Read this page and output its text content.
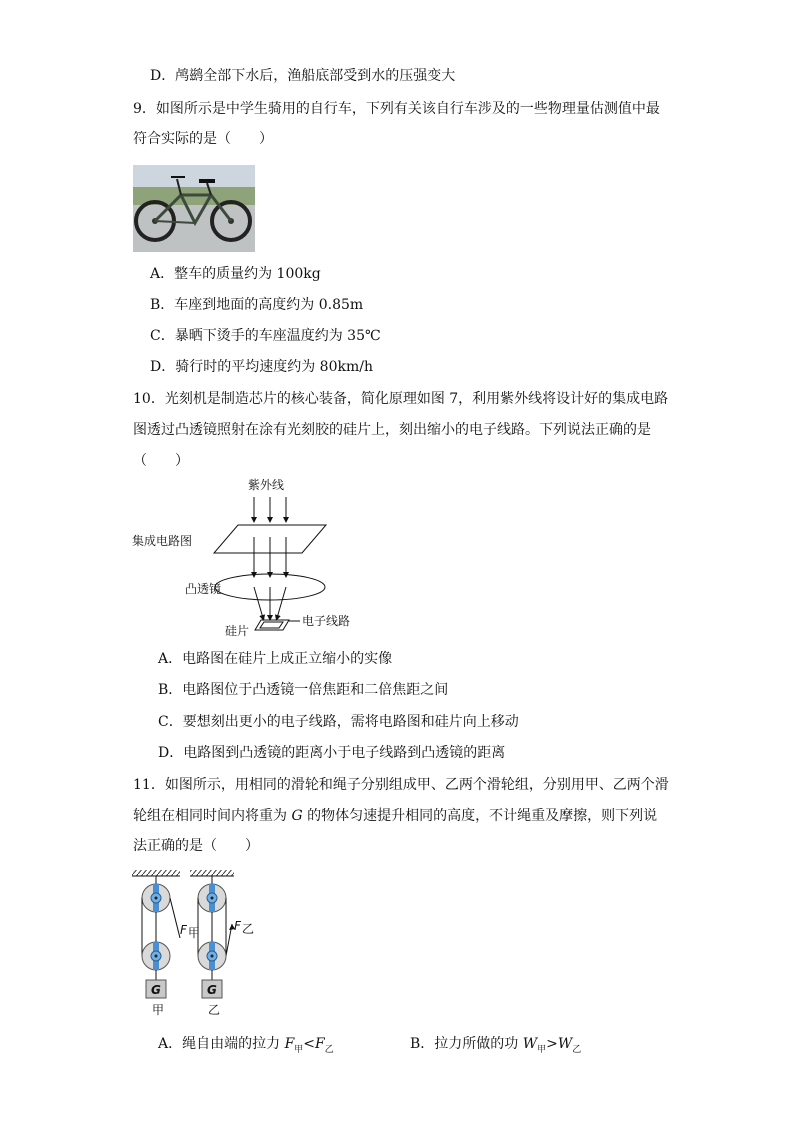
D．鸬鹚全部下水后，渔船底部受到水的压强变大
9．如图所示是中学生骑用的自行车，下列有关该自行车涉及的一些物理量估测值中最
符合实际的是（　　）
A．整车的质量约为 100kg
B．车座到地面的高度约为 0.85m
C．暴晒下烫手的车座温度约为 35℃
D．骑行时的平均速度约为 80km/h
10．光刻机是制造芯片的核心装备，简化原理如图 7，利用紫外线将设计好的集成电路
图透过凸透镜照射在涂有光刻胶的硅片上，刻出缩小的电子线路。下列说法正确的是
（　　）
紫外线
集成电路图
凸透镜
电子线路
硅片
A．电路图在硅片上成正立缩小的实像
B．电路图位于凸透镜一倍焦距和二倍焦距之间
C．要想刻出更小的电子线路，需将电路图和硅片向上移动
D．电路图到凸透镜的距离小于电子线路到凸透镜的距离
11．如图所示，用相同的滑轮和绳子分别组成甲、乙两个滑轮组，分别用甲、乙两个滑
轮组在相同时间内将重为 G 的物体匀速提升相同的高度，不计绳重及摩擦，则下列说
法正确的是（　　）
G
F 甲
甲
G
F 乙
乙
A．绳自由端的拉力 $F_甲<F_乙$	B．拉力所做的功 $W_甲>W_乙$
